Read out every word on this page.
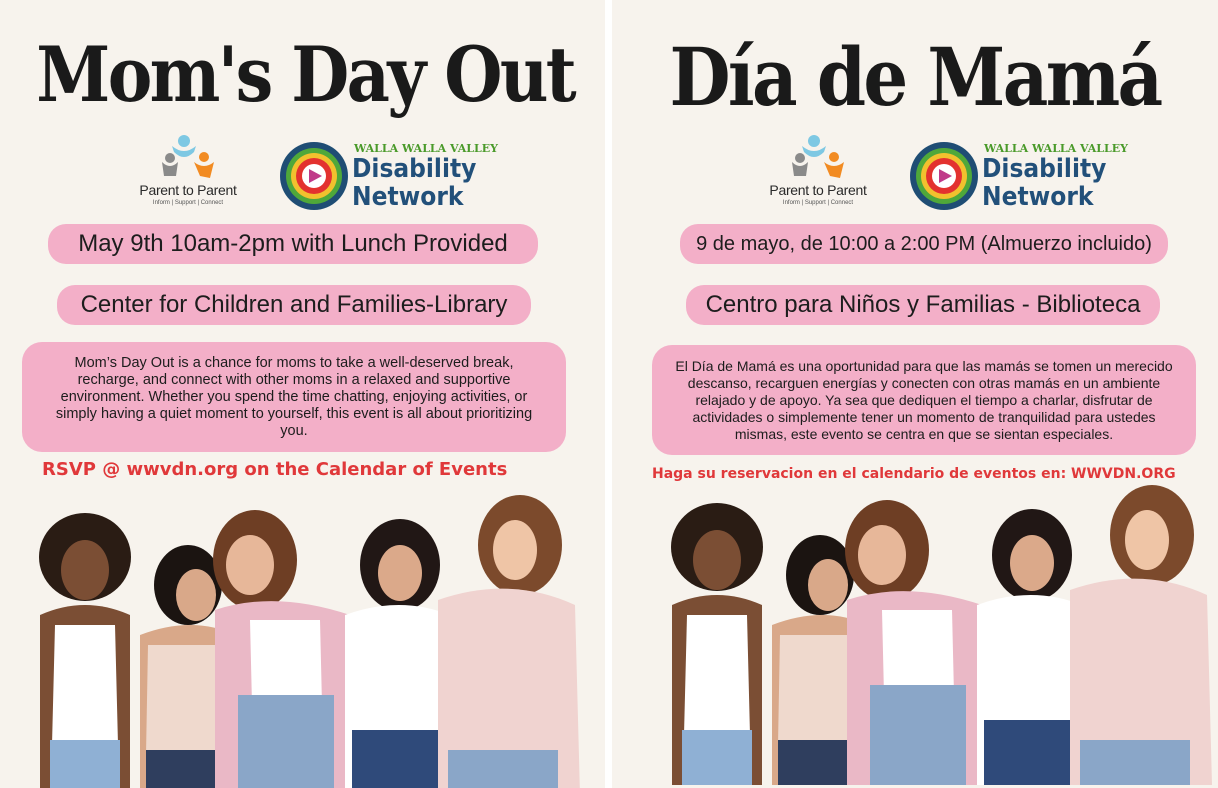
Mom's Day Out
Parent to Parent
Inform | Support | Connect
WALLA WALLA VALLEY
Disability
Network
May 9th 10am-2pm with Lunch Provided
Center for Children and Families-Library
Mom’s Day Out is a chance for moms to take a well-deserved break, recharge, and connect with other moms in a relaxed and supportive environment. Whether you spend the time chatting, enjoying activities, or simply having a quiet moment to yourself, this event is all about prioritizing you.
RSVP @ wwvdn.org on the Calendar of Events
Día de Mamá
Parent to Parent
Inform | Support | Connect
WALLA WALLA VALLEY
Disability
Network
9 de mayo, de 10:00 a 2:00 PM (Almuerzo incluido)
Centro para Niños y Familias - Biblioteca
El Día de Mamá es una oportunidad para que las mamás se tomen un merecido descanso, recarguen energías y conecten con otras mamás en un ambiente relajado y de apoyo. Ya sea que dediquen el tiempo a charlar, disfrutar de actividades o simplemente tener un momento de tranquilidad para ustedes mismas, este evento se centra en que se sientan especiales.
Haga su reservacion en el calendario de eventos en: WWVDN.ORG
